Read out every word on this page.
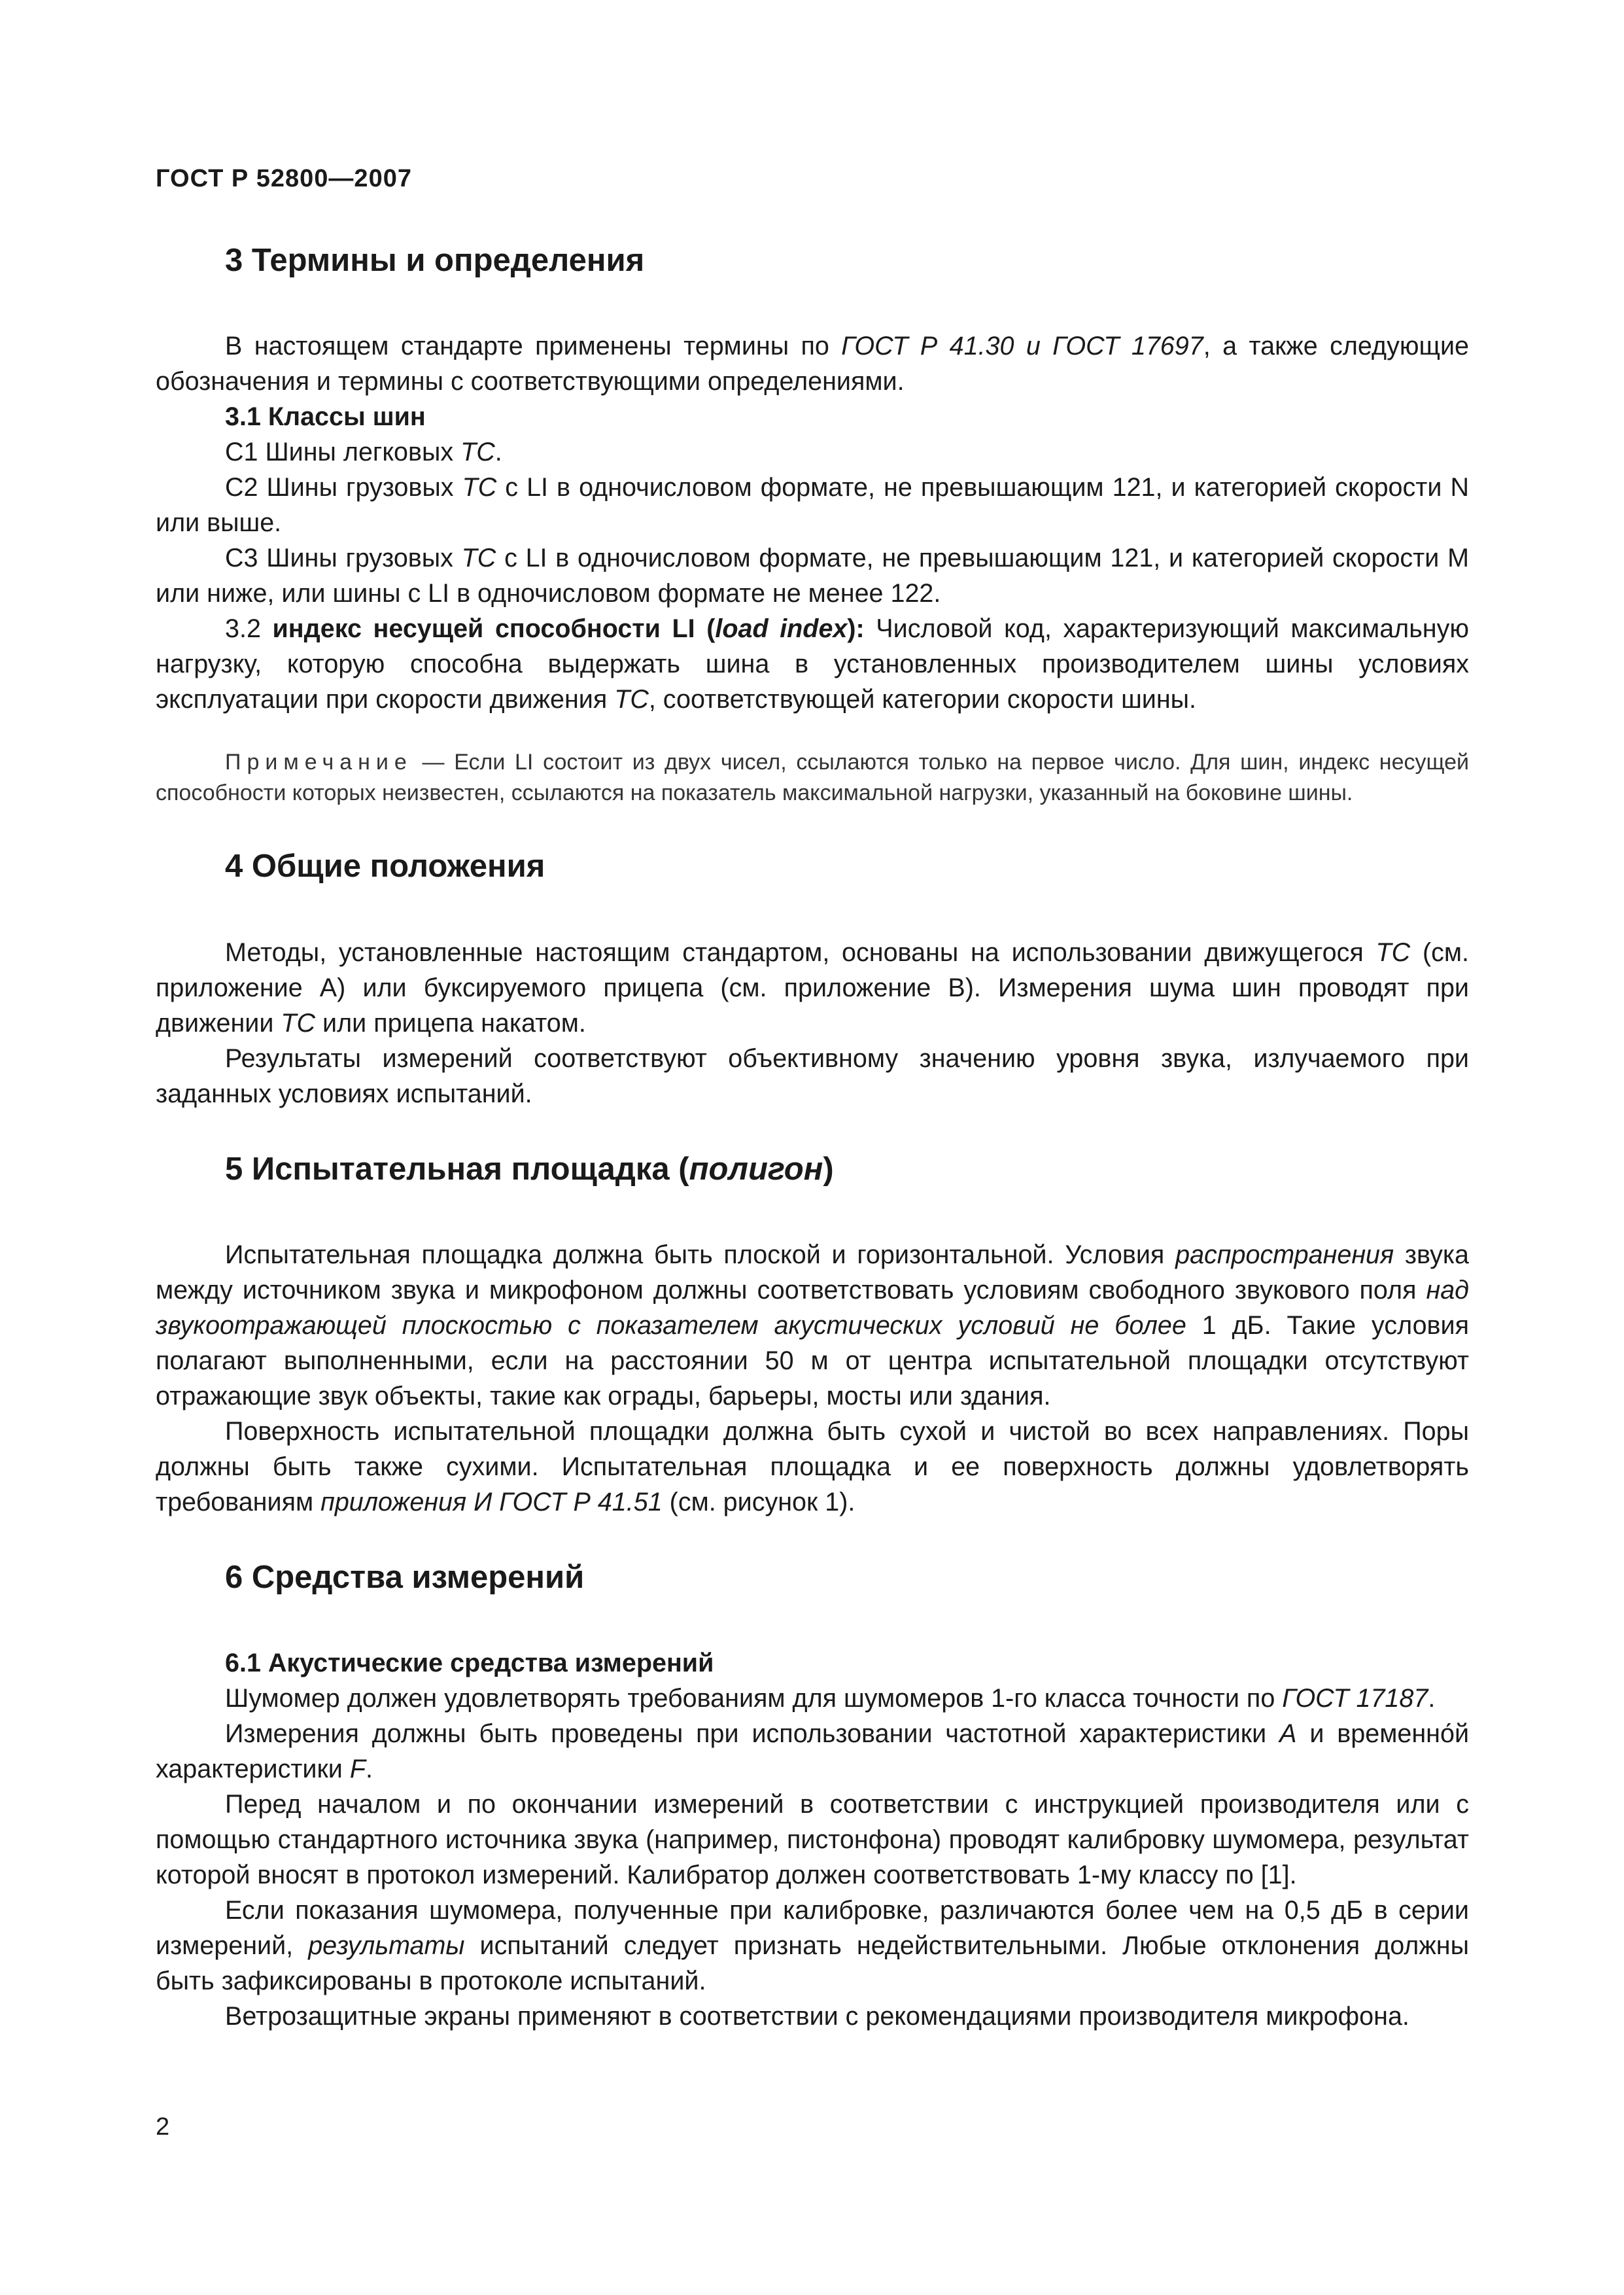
ГОСТ Р 52800—2007
3 Термины и определения

В настоящем стандарте применены термины по ГОСТ Р 41.30 и ГОСТ 17697, а также следующие обозначения и термины с соответствующими определениями.

3.1 Классы шин

С1 Шины легковых ТС.

С2 Шины грузовых ТС с LI в одночисловом формате, не превышающим 121, и категорией скорости N или выше.

С3 Шины грузовых ТС с LI в одночисловом формате, не превышающим 121, и категорией скорости М или ниже, или шины с LI в одночисловом формате не менее 122.

3.2 индекс несущей способности LI (load index): Числовой код, характеризующий максимальную нагрузку, которую способна выдержать шина в установленных производителем шины условиях эксплуатации при скорости движения ТС, соответствующей категории скорости шины.

Примечание — Если LI состоит из двух чисел, ссылаются только на первое число. Для шин, индекс несущей способности которых неизвестен, ссылаются на показатель максимальной нагрузки, указанный на боковине шины.

4 Общие положения

Методы, установленные настоящим стандартом, основаны на использовании движущегося ТС (см. приложение А) или буксируемого прицепа (см. приложение В). Измерения шума шин проводят при движении ТС или прицепа накатом.

Результаты измерений соответствуют объективному значению уровня звука, излучаемого при заданных условиях испытаний.

5 Испытательная площадка (полигон)

Испытательная площадка должна быть плоской и горизонтальной. Условия распространения звука между источником звука и микрофоном должны соответствовать условиям свободного звукового поля над звукоотражающей плоскостью с показателем акустических условий не более 1 дБ. Такие условия полагают выполненными, если на расстоянии 50 м от центра испытательной площадки отсутствуют отражающие звук объекты, такие как ограды, барьеры, мосты или здания.

Поверхность испытательной площадки должна быть сухой и чистой во всех направлениях. Поры должны быть также сухими. Испытательная площадка и ее поверхность должны удовлетворять требованиям приложения И ГОСТ Р 41.51 (см. рисунок 1).

6 Средства измерений

6.1 Акустические средства измерений

Шумомер должен удовлетворять требованиям для шумомеров 1-го класса точности по ГОСТ 17187.

Измерения должны быть проведены при использовании частотной характеристики А и временно́й характеристики F.

Перед началом и по окончании измерений в соответствии с инструкцией производителя или с помощью стандартного источника звука (например, пистонфона) проводят калибровку шумомера, результат которой вносят в протокол измерений. Калибратор должен соответствовать 1-му классу по [1].

Если показания шумомера, полученные при калибровке, различаются более чем на 0,5 дБ в серии измерений, результаты испытаний следует признать недействительными. Любые отклонения должны быть зафиксированы в протоколе испытаний.

Ветрозащитные экраны применяют в соответствии с рекомендациями производителя микрофона.

2
